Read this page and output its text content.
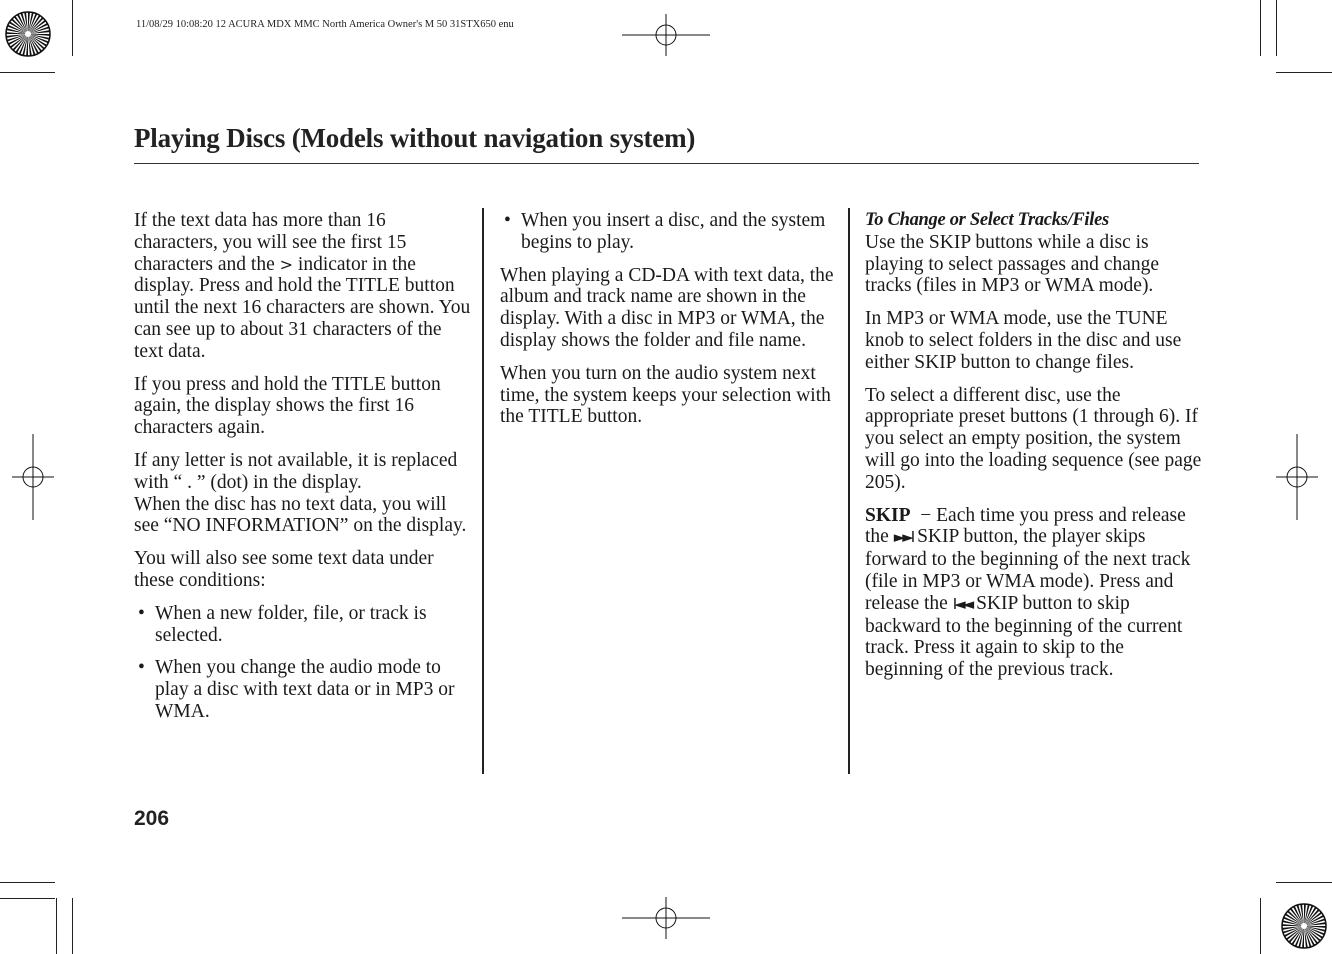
11/08/29 10:08:20 12 ACURA MDX MMC North America Owner's M 50 31STX650 enu
Playing Discs (Models without navigation system)

If the text data has more than 16 characters, you will see the first 15 characters and the > indicator in the display. Press and hold the TITLE button until the next 16 characters are shown. You can see up to about 31 characters of the text data.

If you press and hold the TITLE button again, the display shows the first 16 characters again.

If any letter is not available, it is replaced with “ . ” (dot) in the display.

When the disc has no text data, you will see “NO INFORMATION” on the display.

You will also see some text data under these conditions:

• When a new folder, file, or track is selected.
• When you change the audio mode to play a disc with text data or in MP3 or WMA.
• When you insert a disc, and the system begins to play.

When playing a CD-DA with text data, the album and track name are shown in the display. With a disc in MP3 or WMA, the display shows the folder and file name.

When you turn on the audio system next time, the system keeps your selection with the TITLE button.

To Change or Select Tracks/Files

Use the SKIP buttons while a disc is playing to select passages and change tracks (files in MP3 or WMA mode).

In MP3 or WMA mode, use the TUNE knob to select folders in the disc and use either SKIP button to change files.

To select a different disc, use the appropriate preset buttons (1 through 6). If you select an empty position, the system will go into the loading sequence (see page 205).

SKIP − Each time you press and release the ►►I SKIP button, the player skips forward to the beginning of the next track (file in MP3 or WMA mode). Press and release the I◄◄ SKIP button to skip backward to the beginning of the current track. Press it again to skip to the beginning of the previous track.

206
